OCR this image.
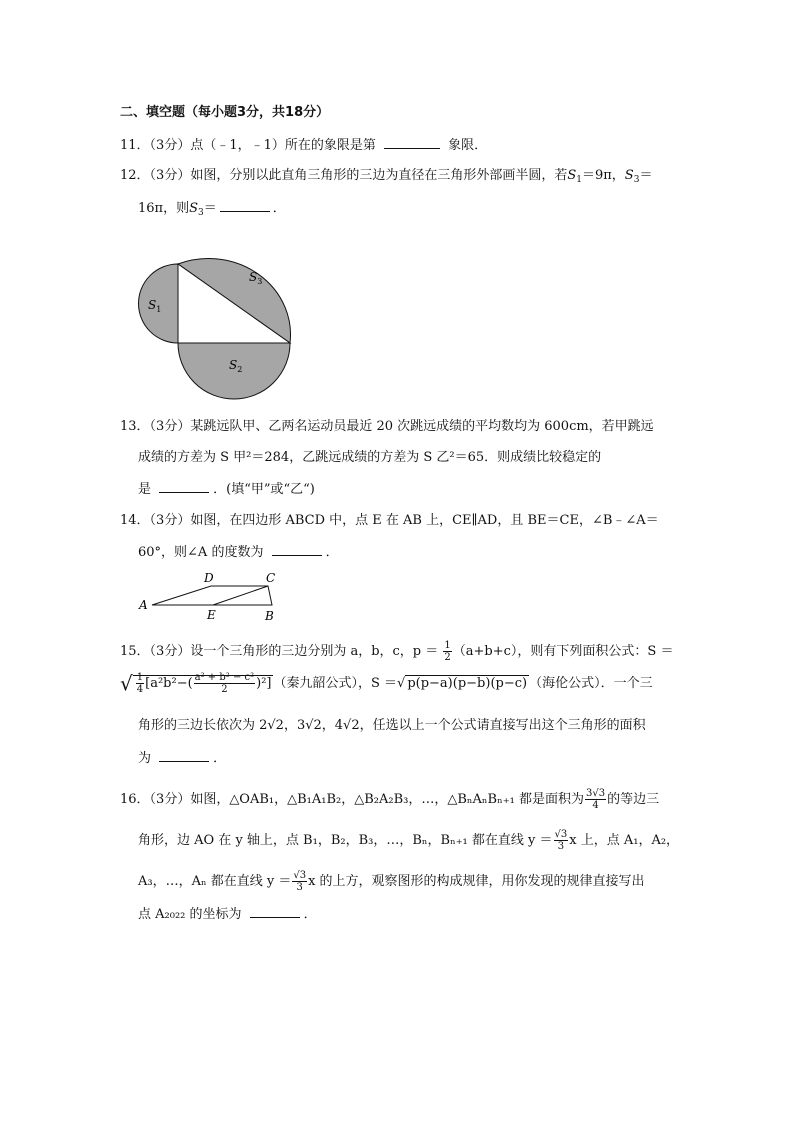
二、填空题（每小题3分，共18分）
11．（3分）点（﹣1，﹣1）所在的象限是第	象限．
12．（3分）如图，分别以此直角三角形的三边为直径在三角形外部画半圆，若$S_1=9\pi$，$S_3=$
16π，则$S_3=$	．
$S_1$
$S_2$
$S_3$
13．（3分）某跳远队甲、乙两名运动员最近 20 次跳远成绩的平均数均为 600cm，若甲跳远
成绩的方差为 S 甲²＝284，乙跳远成绩的方差为 S 乙²＝65．则成绩比较稳定的
是	．(填“甲”或“乙“)
14．（3分）如图，在四边形 ABCD 中，点 E 在 AB 上，CE∥AD，且 BE＝CE，∠B﹣∠A＝
60°，则∠A 的度数为	．
A
B
C
D
E
15．（3分）设一个三角形的三边分别为 a，b，c，$p = \frac{1}{2} (a+b+c)$，则有下列面积公式：S ＝
√ $\frac{1}{4} [a^2b^2-( \frac{\text{a² + b² − c²}}{2} )^2]$ （秦九韶公式），S ＝√ p(p−a)(p−b)(p−c) （海伦公式）．一个三
角形的三边长依次为 2√2，3√2，4√2，任选以上一个公式请直接写出这个三角形的面积
为	．
16．（3分）如图，△OAB₁，△B₁A₁B₂，△B₂A₂B₃，…，△BₙAₙBₙ₊₁ 都是面积为 $\frac{3√3}{4}$ 的等边三
角形，边 AO 在 y 轴上，点 B₁，B₂，B₃，…，Bₙ，Bₙ₊₁ 都在直线 $y = \frac{√3}{3}$ x 上，点 A₁，A₂，
A₃，…，Aₙ 都在直线 $y = \frac{√3}{3}$ x 的上方，观察图形的构成规律，用你发现的规律直接写出
点 A₂₀₂₂ 的坐标为	．
